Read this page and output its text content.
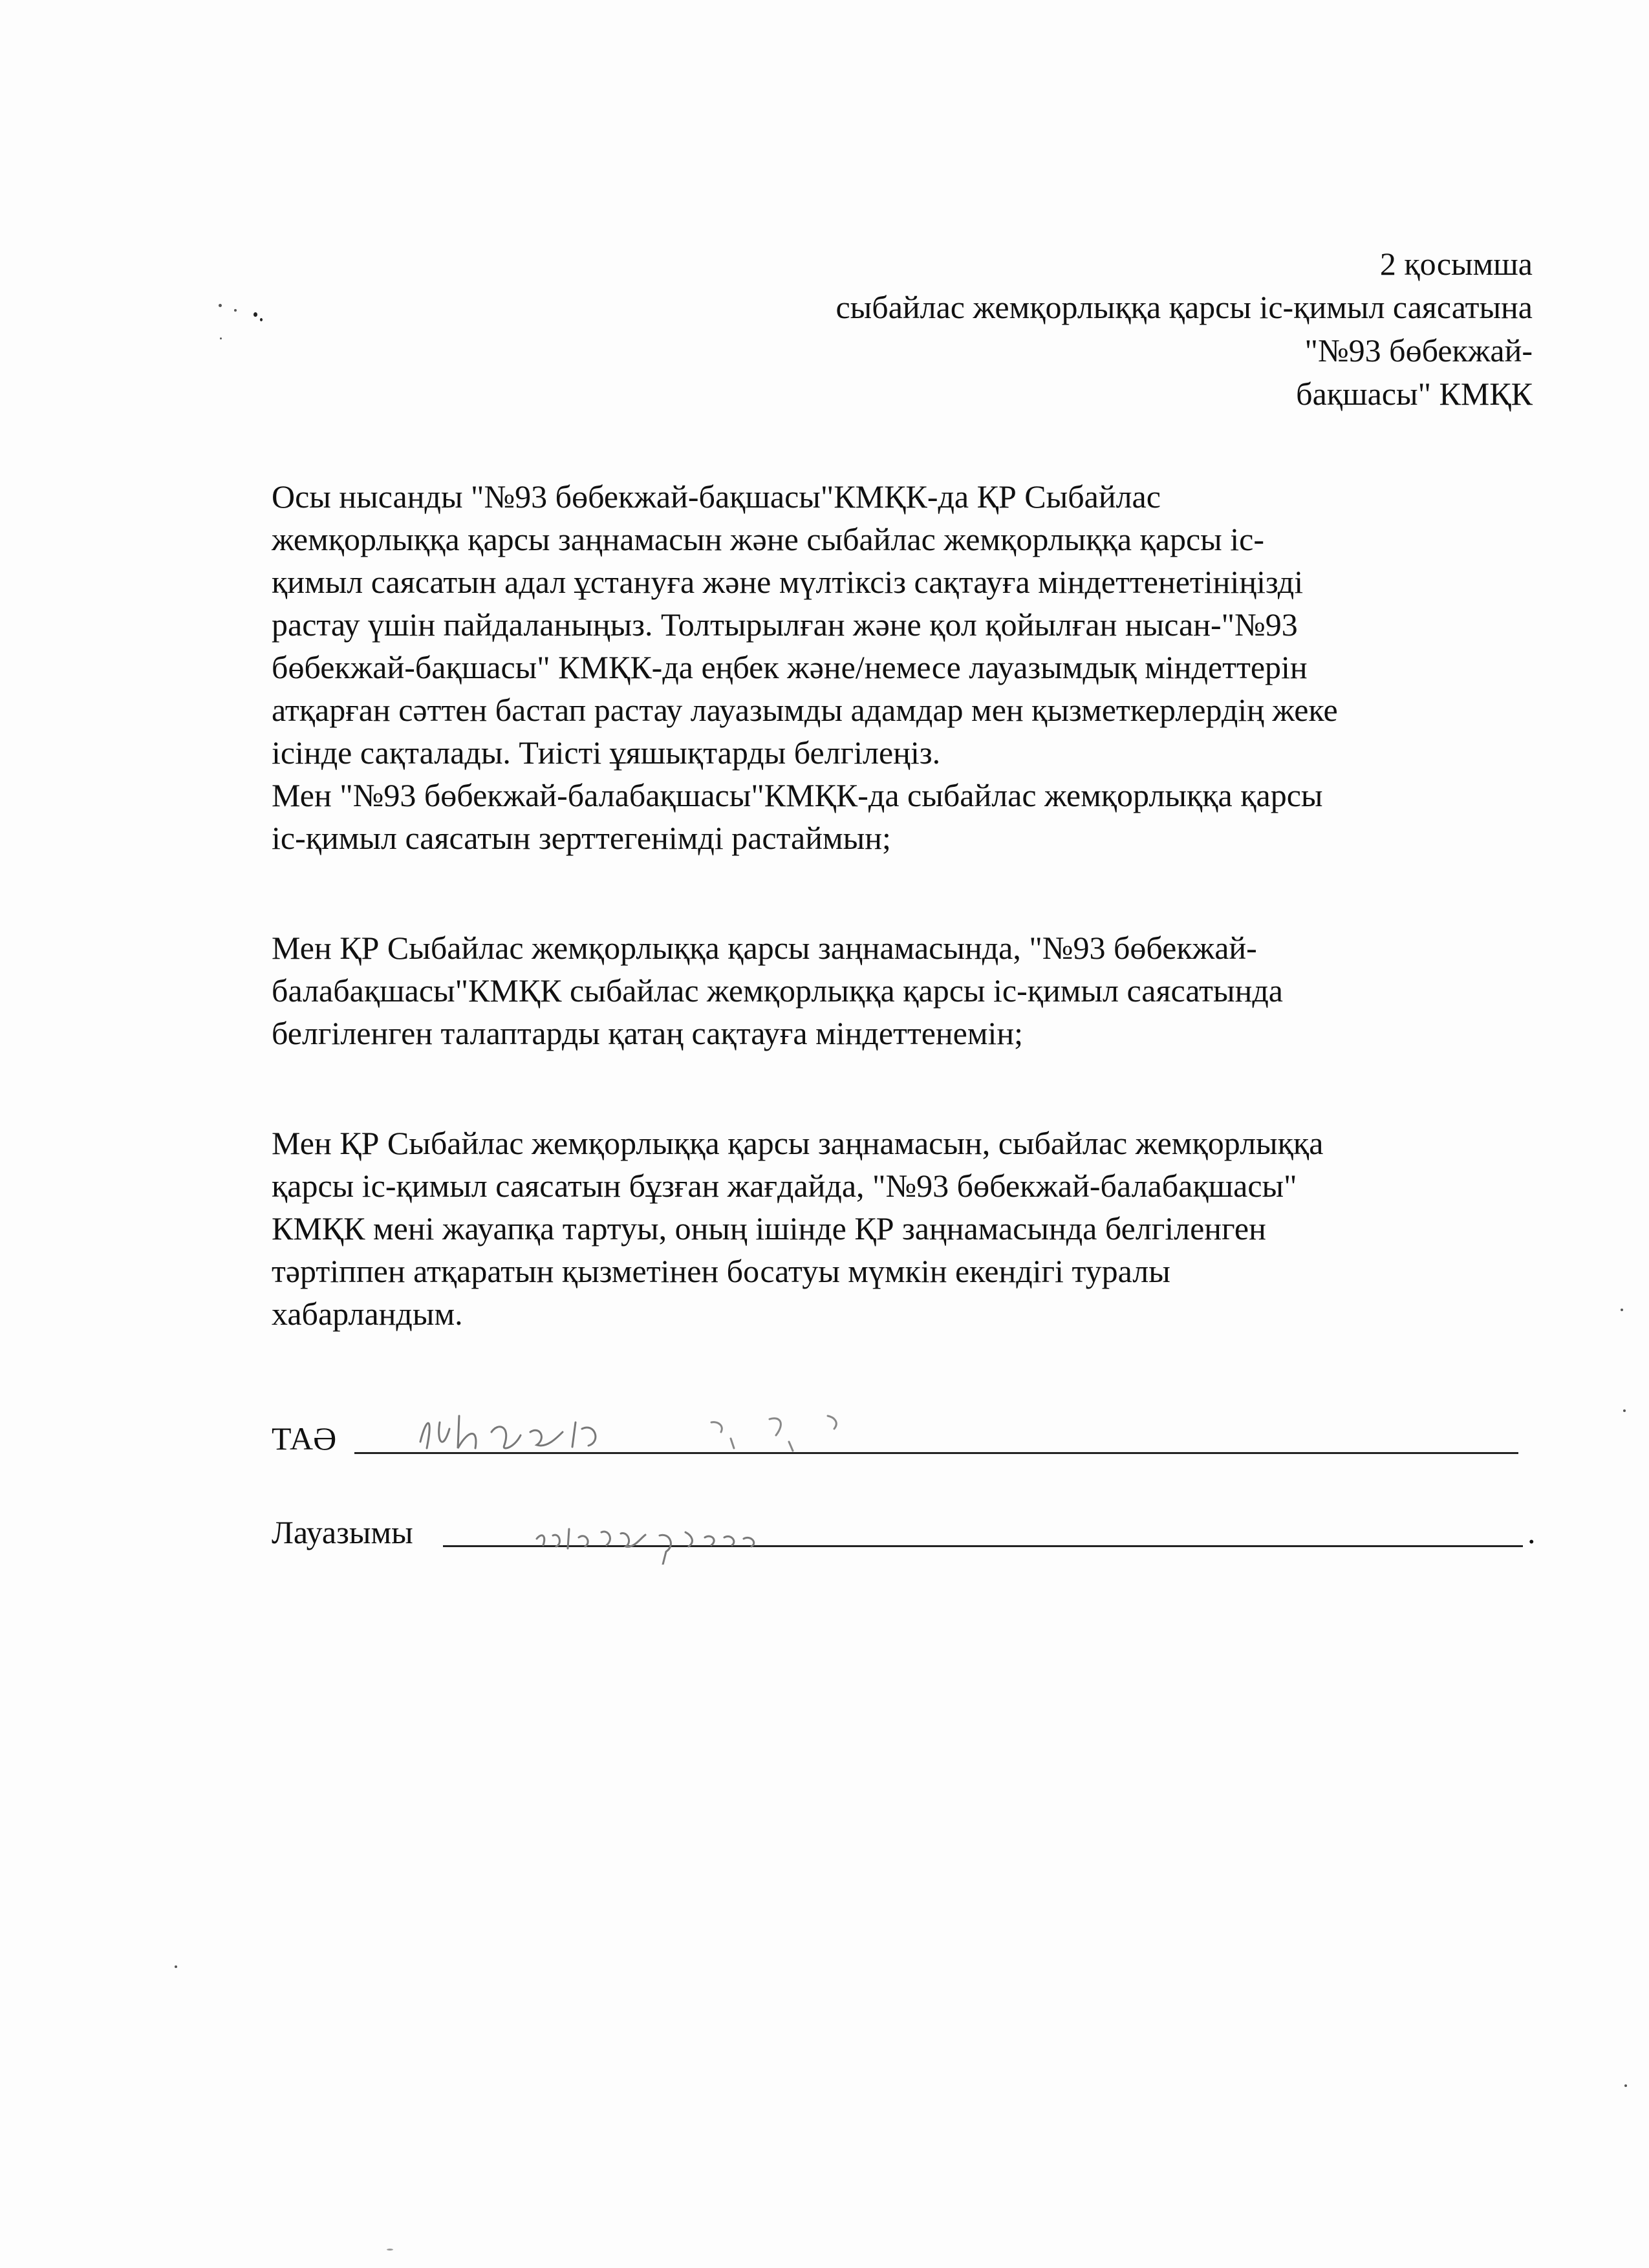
2 қосымша
сыбайлас жемқорлыққа қарсы іс-қимыл саясатына
"№93 бөбекжай-
бақшасы" КМҚК
Осы нысанды "№93 бөбекжай-бақшасы"КМҚК-да ҚР Сыбайлас
жемқорлыққа қарсы заңнамасын және сыбайлас жемқорлыққа қарсы іс-
қимыл саясатын адал ұстануға және мүлтіксіз сақтауға міндеттенетініңізді
растау үшін пайдаланыңыз. Толтырылған және қол қойылған нысан-"№93
бөбекжай-бақшасы" КМҚК-да еңбек және/немесе лауазымдық міндеттерін
атқарған сәттен бастап растау лауазымды адамдар мен қызметкерлердің жеке
ісінде сақталады. Тиісті ұяшықтарды белгілеңіз.
Мен "№93 бөбекжай-балабақшасы"КМҚК-да сыбайлас жемқорлыққа қарсы
іс-қимыл саясатын зерттегенімді растаймын;
Мен ҚР Сыбайлас жемқорлыққа қарсы заңнамасында, "№93 бөбекжай-
балабақшасы"КМҚК сыбайлас жемқорлыққа қарсы іс-қимыл саясатында
белгіленген талаптарды қатаң сақтауға міндеттенемін;
Мен ҚР Сыбайлас жемқорлыққа қарсы заңнамасын, сыбайлас жемқорлыққа
қарсы іс-қимыл саясатын бұзған жағдайда, "№93 бөбекжай-балабақшасы"
КМҚК мені жауапқа тартуы, оның ішінде ҚР заңнамасында белгіленген
тәртіппен атқаратын қызметінен босатуы мүмкін екендігі туралы
хабарландым.
ТАӘ
Лауазымы	.
